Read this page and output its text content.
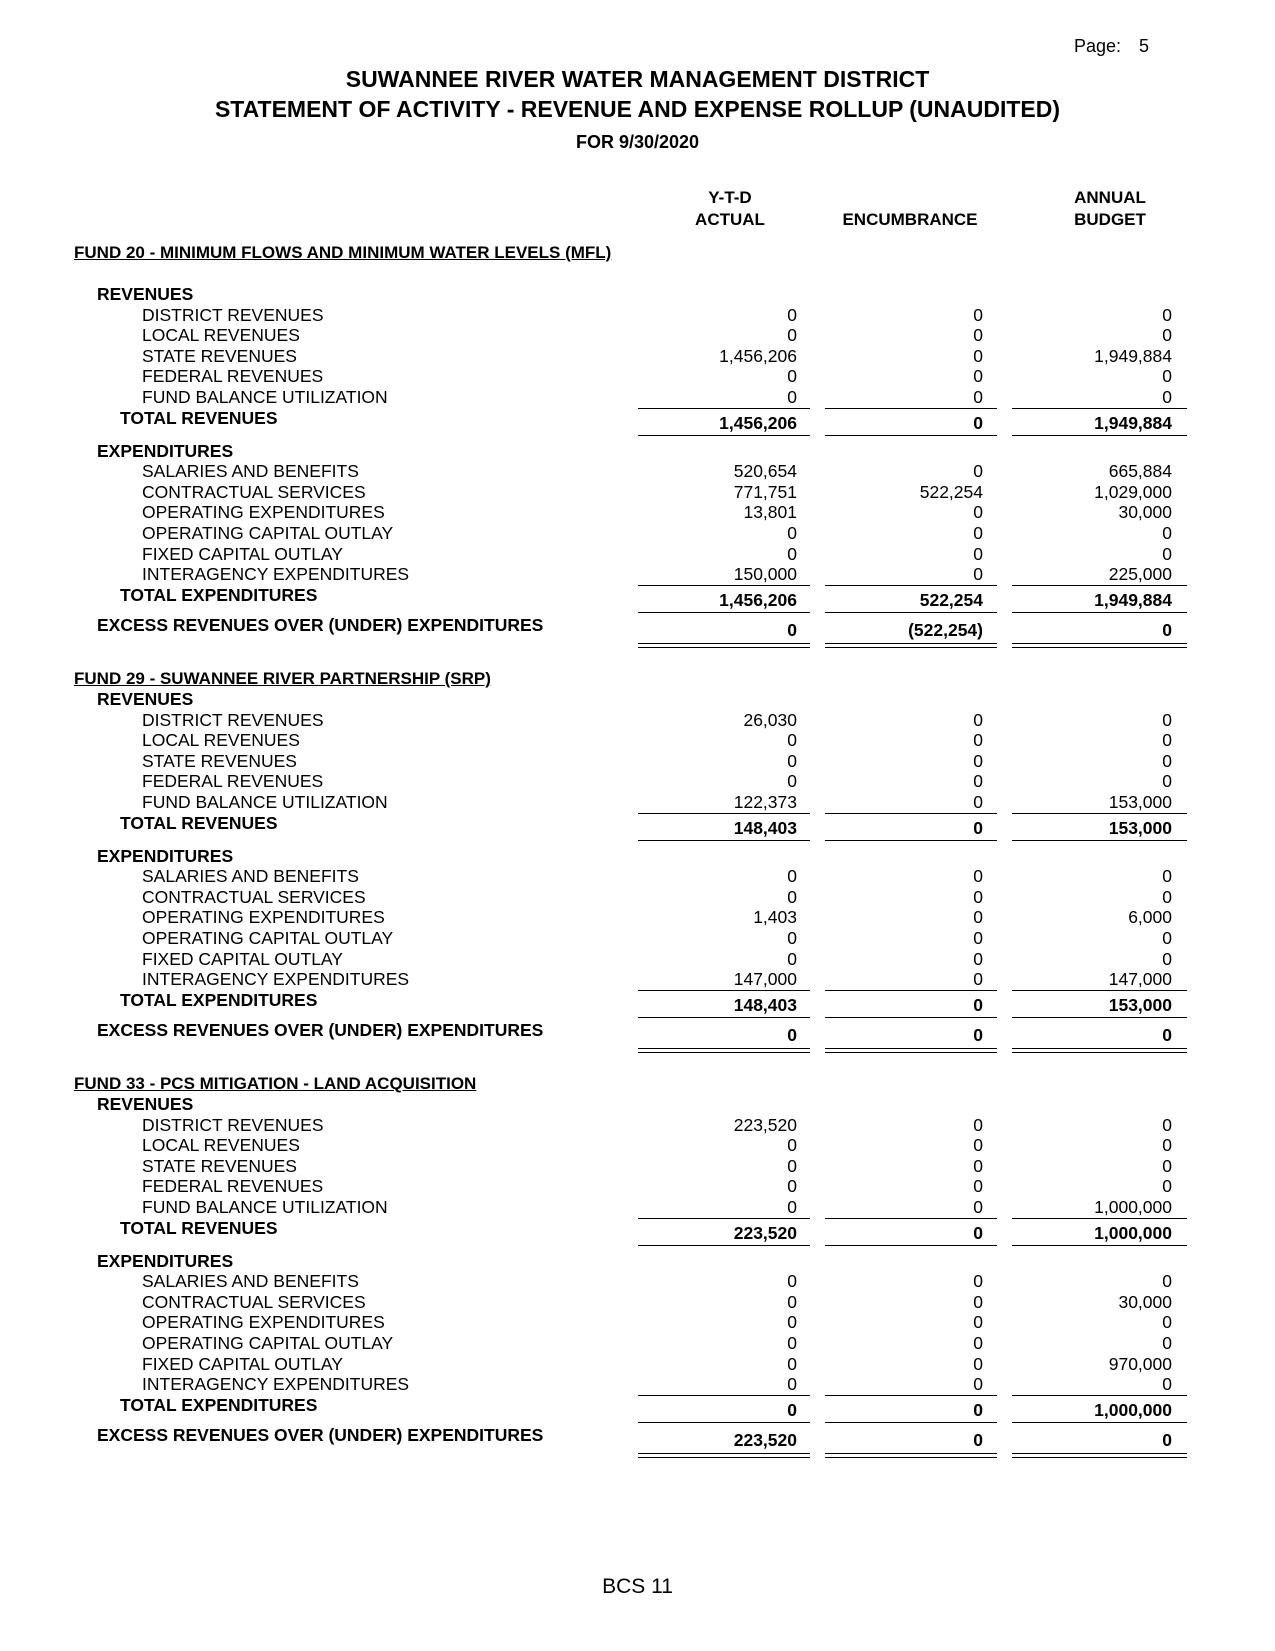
Page: 5
SUWANNEE RIVER WATER MANAGEMENT DISTRICT
STATEMENT OF ACTIVITY - REVENUE AND EXPENSE ROLLUP (UNAUDITED)
FOR 9/30/2020
Y-T-D
ACTUAL	ENCUMBRANCE
ANNUAL
BUDGET
FUND 20 - MINIMUM FLOWS AND MINIMUM WATER LEVELS (MFL)
REVENUES
DISTRICT REVENUES	0	0	0
LOCAL REVENUES	0	0	0
STATE REVENUES	1,456,206	0	1,949,884
FEDERAL REVENUES	0	0	0
FUND BALANCE UTILIZATION	0	0	0
TOTAL REVENUES	1,456,206	0	1,949,884
EXPENDITURES
SALARIES AND BENEFITS	520,654	0	665,884
CONTRACTUAL SERVICES	771,751	522,254	1,029,000
OPERATING EXPENDITURES	13,801	0	30,000
OPERATING CAPITAL OUTLAY	0	0	0
FIXED CAPITAL OUTLAY	0	0	0
INTERAGENCY EXPENDITURES	150,000	0	225,000
TOTAL EXPENDITURES	1,456,206	522,254	1,949,884
EXCESS REVENUES OVER (UNDER) EXPENDITURES	0	(522,254)	0
FUND 29 - SUWANNEE RIVER PARTNERSHIP (SRP)
REVENUES
DISTRICT REVENUES	26,030	0	0
LOCAL REVENUES	0	0	0
STATE REVENUES	0	0	0
FEDERAL REVENUES	0	0	0
FUND BALANCE UTILIZATION	122,373	0	153,000
TOTAL REVENUES	148,403	0	153,000
EXPENDITURES
SALARIES AND BENEFITS	0	0	0
CONTRACTUAL SERVICES	0	0	0
OPERATING EXPENDITURES	1,403	0	6,000
OPERATING CAPITAL OUTLAY	0	0	0
FIXED CAPITAL OUTLAY	0	0	0
INTERAGENCY EXPENDITURES	147,000	0	147,000
TOTAL EXPENDITURES	148,403	0	153,000
EXCESS REVENUES OVER (UNDER) EXPENDITURES	0	0	0
FUND 33 - PCS MITIGATION - LAND ACQUISITION
REVENUES
DISTRICT REVENUES	223,520	0	0
LOCAL REVENUES	0	0	0
STATE REVENUES	0	0	0
FEDERAL REVENUES	0	0	0
FUND BALANCE UTILIZATION	0	0	1,000,000
TOTAL REVENUES	223,520	0	1,000,000
EXPENDITURES
SALARIES AND BENEFITS	0	0	0
CONTRACTUAL SERVICES	0	0	30,000
OPERATING EXPENDITURES	0	0	0
OPERATING CAPITAL OUTLAY	0	0	0
FIXED CAPITAL OUTLAY	0	0	970,000
INTERAGENCY EXPENDITURES	0	0	0
TOTAL EXPENDITURES	0	0	1,000,000
EXCESS REVENUES OVER (UNDER) EXPENDITURES	223,520	0	0
BCS 11
